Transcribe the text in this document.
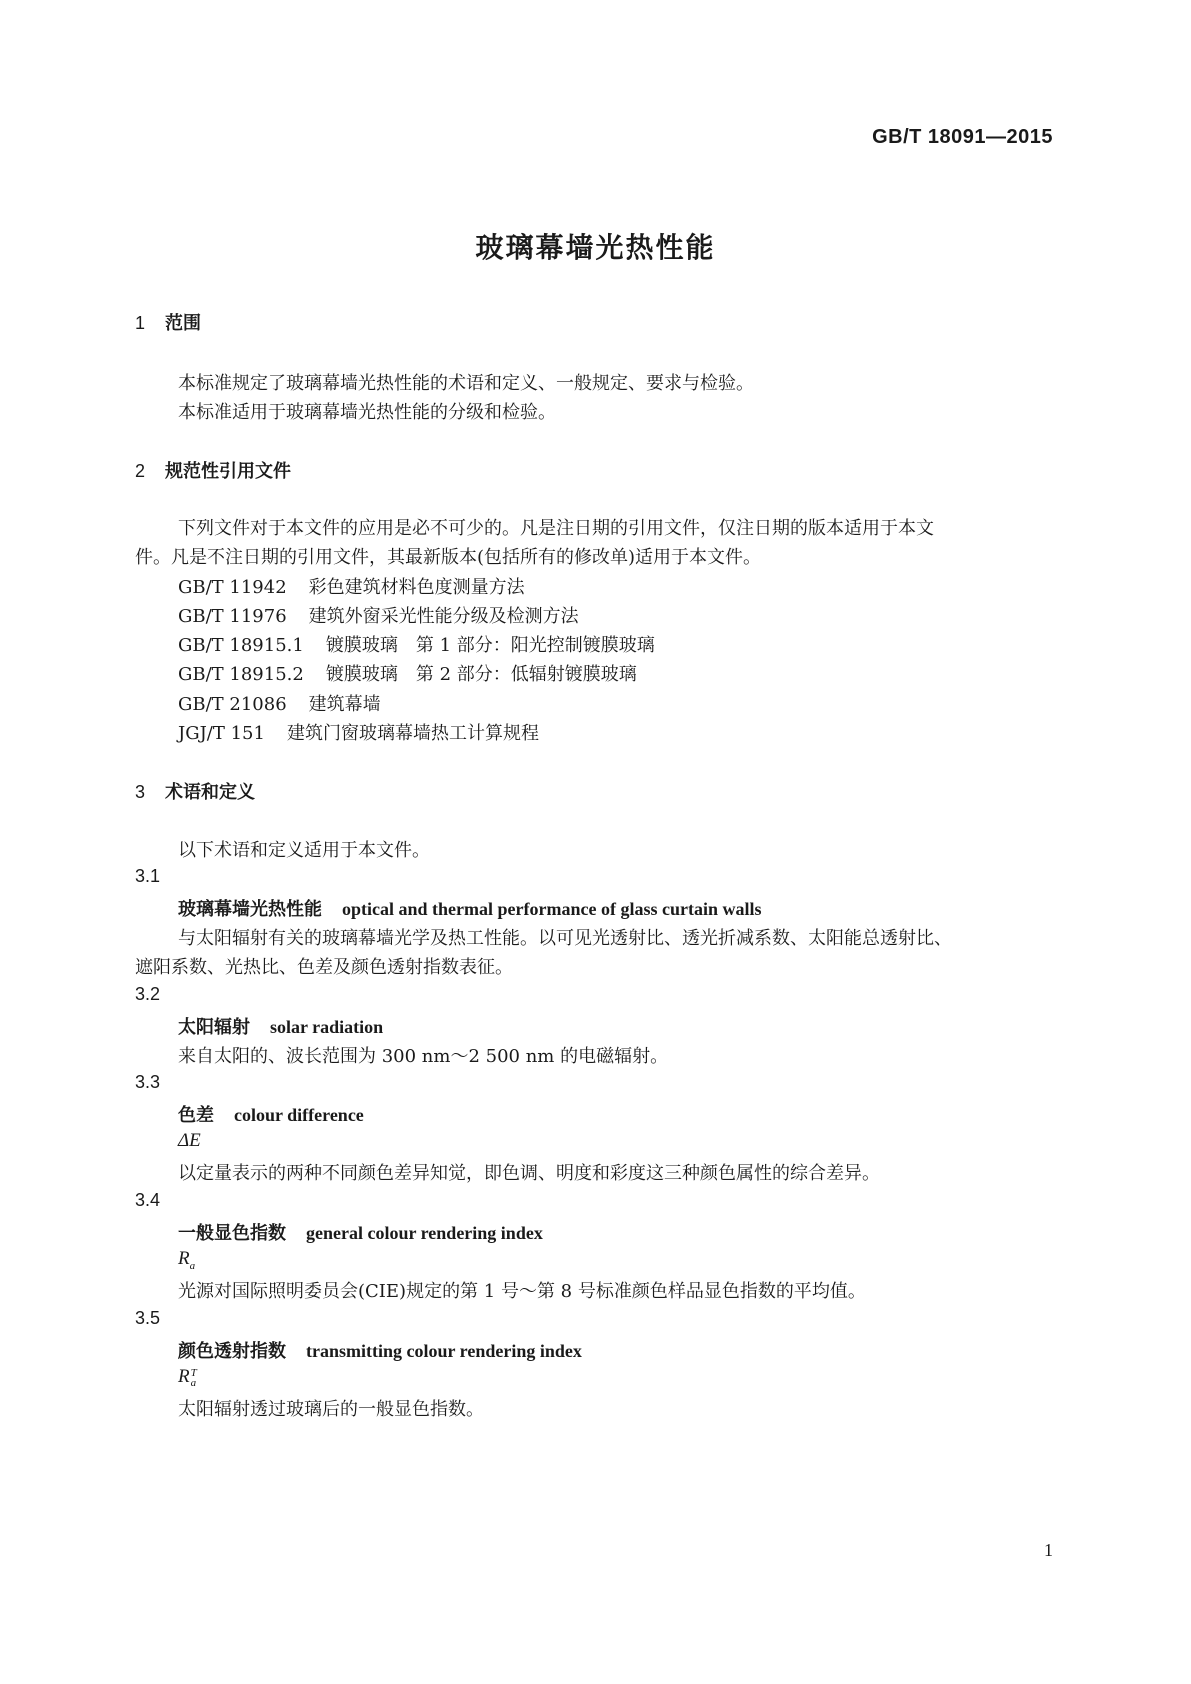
GB/T 18091—2015
玻璃幕墙光热性能
1 范围
本标准规定了玻璃幕墙光热性能的术语和定义、一般规定、要求与检验。
本标准适用于玻璃幕墙光热性能的分级和检验。
2 规范性引用文件
下列文件对于本文件的应用是必不可少的。凡是注日期的引用文件，仅注日期的版本适用于本文
件。凡是不注日期的引用文件，其最新版本(包括所有的修改单)适用于本文件。
GB/T 11942 彩色建筑材料色度测量方法
GB/T 11976 建筑外窗采光性能分级及检测方法
GB/T 18915.1 镀膜玻璃　第 1 部分：阳光控制镀膜玻璃
GB/T 18915.2 镀膜玻璃　第 2 部分：低辐射镀膜玻璃
GB/T 21086 建筑幕墙
JGJ/T 151 建筑门窗玻璃幕墙热工计算规程
3 术语和定义
以下术语和定义适用于本文件。
3.1
玻璃幕墙光热性能 optical and thermal performance of glass curtain walls
与太阳辐射有关的玻璃幕墙光学及热工性能。以可见光透射比、透光折减系数、太阳能总透射比、
遮阳系数、光热比、色差及颜色透射指数表征。
3.2
太阳辐射 solar radiation
来自太阳的、波长范围为 300 nm～2 500 nm 的电磁辐射。
3.3
色差 colour difference
ΔE
以定量表示的两种不同颜色差异知觉，即色调、明度和彩度这三种颜色属性的综合差异。
3.4
一般显色指数 general colour rendering index
$R_a$
光源对国际照明委员会(CIE)规定的第 1 号～第 8 号标准颜色样品显色指数的平均值。
3.5
颜色透射指数 transmitting colour rendering index
R T
a
太阳辐射透过玻璃后的一般显色指数。
1
